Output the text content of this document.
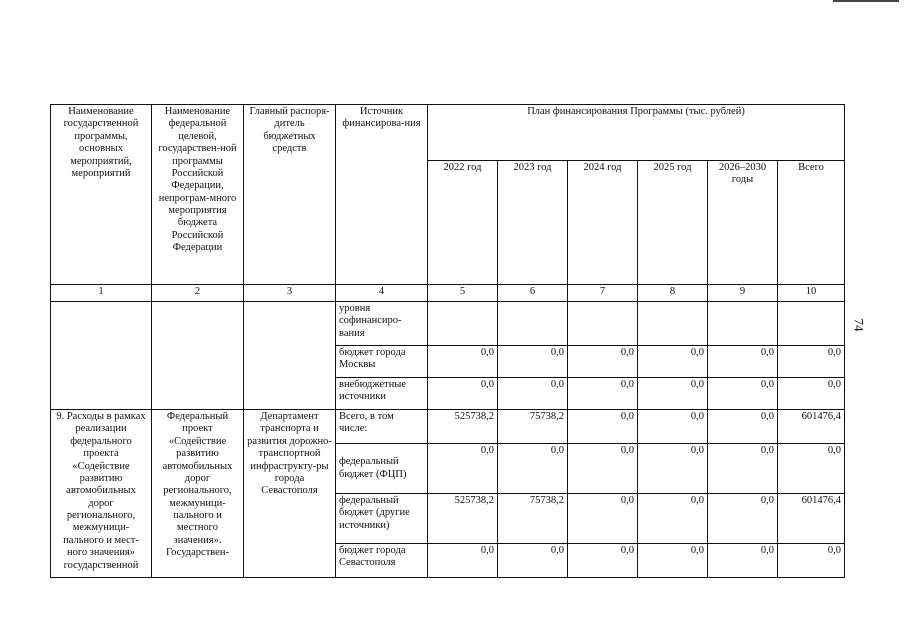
Наименование государственной программы, основных мероприятий, мероприятий	Наименование федеральной целевой, государствен-ной программы Российской Федерации, непрограм-много мероприятия бюджета Российской Федерации	Главный распоря-дитель бюджетных средств	Источник финансирова-ния	План финансирования Программы (тыс. рублей)					
				2022 год	2023 год	2024 год	2025 год	2026–2030 годы	Всего
1	2	3	4	5	6	7	8	9	10
			уровня софинансиро-вания						
			бюджет города Москвы	0,0	0,0	0,0	0,0	0,0	0,0
			внебюджетные источники	0,0	0,0	0,0	0,0	0,0	0,0
9. Расходы в рамках реализации федерального проекта «Содействие развитию автомобильных дорог регионального, межмуници-пального и мест-ного значения» государственной	Федеральный проект «Содействие развитию автомобильных дорог регионального, межмуници-пального и местного значения». Государствен-	Департамент транспорта и развития дорожно-транспортной инфраструкту-ры города Севастополя	Всего, в том числе:	525738,2	75738,2	0,0	0,0	0,0	601476,4
			федеральный бюджет (ФЦП)	0,0	0,0	0,0	0,0	0,0	0,0
			федеральный бюджет (другие источники)	525738,2	75738,2	0,0	0,0	0,0	601476,4
			бюджет города Севастополя	0,0	0,0	0,0	0,0	0,0	0,0
74
